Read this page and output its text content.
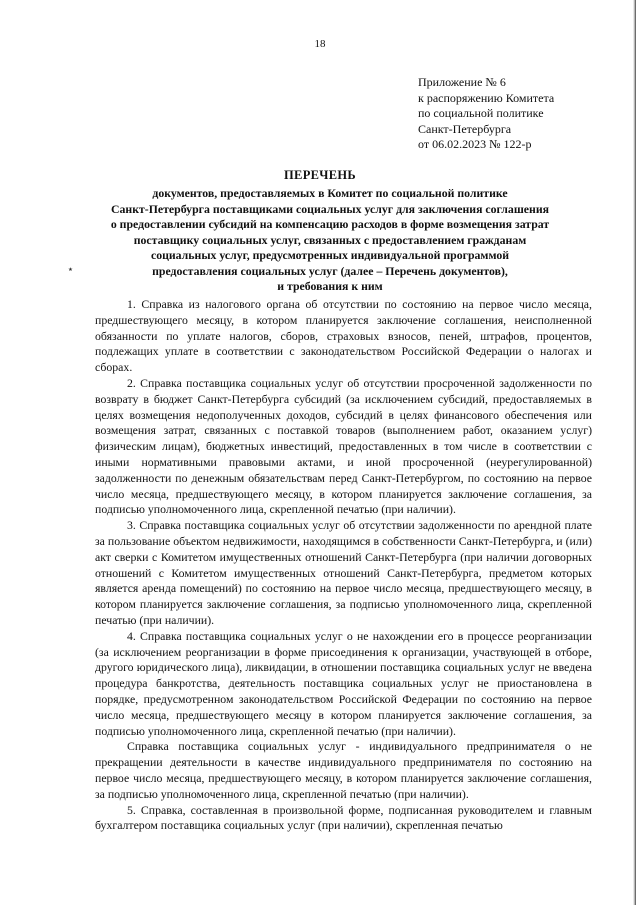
18
Приложение № 6
к распоряжению Комитета
по социальной политике
Санкт-Петербурга
от 06.02.2023 № 122-р
ПЕРЕЧЕНЬ
документов, предоставляемых в Комитет по социальной политике
Санкт-Петербурга поставщиками социальных услуг для заключения соглашения
о предоставлении субсидий на компенсацию расходов в форме возмещения затрат
поставщику социальных услуг, связанных с предоставлением гражданам
социальных услуг, предусмотренных индивидуальной программой
предоставления социальных услуг (далее – Перечень документов),
и требования к ним
٭

1. Справка из налогового органа об отсутствии по состоянию на первое число месяца, предшествующего месяцу, в котором планируется заключение соглашения, неисполненной обязанности по уплате налогов, сборов, страховых взносов, пеней, штрафов, процентов, подлежащих уплате в соответствии с законодательством Российской Федерации о налогах и сборах.

2. Справка поставщика социальных услуг об отсутствии просроченной задолженности по возврату в бюджет Санкт-Петербурга субсидий (за исключением субсидий, предоставляемых в целях возмещения недополученных доходов, субсидий в целях финансового обеспечения или возмещения затрат, связанных с поставкой товаров (выполнением работ, оказанием услуг) физическим лицам), бюджетных инвестиций, предоставленных в том числе в соответствии с иными нормативными правовыми актами, и иной просроченной (неурегулированной) задолженности по денежным обязательствам перед Санкт-Петербургом, по состоянию на первое число месяца, предшествующего месяцу, в котором планируется заключение соглашения, за подписью уполномоченного лица, скрепленной печатью (при наличии).

3. Справка поставщика социальных услуг об отсутствии задолженности по арендной плате за пользование объектом недвижимости, находящимся в собственности Санкт-Петербурга, и (или) акт сверки с Комитетом имущественных отношений Санкт-Петербурга (при наличии договорных отношений с Комитетом имущественных отношений Санкт-Петербурга, предметом которых является аренда помещений) по состоянию на первое число месяца, предшествующего месяцу, в котором планируется заключение соглашения, за подписью уполномоченного лица, скрепленной печатью (при наличии).

4. Справка поставщика социальных услуг о не нахождении его в процессе реорганизации (за исключением реорганизации в форме присоединения к организации, участвующей в отборе, другого юридического лица), ликвидации, в отношении поставщика социальных услуг не введена процедура банкротства, деятельность поставщика социальных услуг не приостановлена в порядке, предусмотренном законодательством Российской Федерации по состоянию на первое число месяца, предшествующего месяцу в котором планируется заключение соглашения, за подписью уполномоченного лица, скрепленной печатью (при наличии).

Справка поставщика социальных услуг - индивидуального предпринимателя о не прекращении деятельности в качестве индивидуального предпринимателя по состоянию на первое число месяца, предшествующего месяцу, в котором планируется заключение соглашения, за подписью уполномоченного лица, скрепленной печатью (при наличии).

5. Справка, составленная в произвольной форме, подписанная руководителем и главным бухгалтером поставщика социальных услуг (при наличии), скрепленная печатью
